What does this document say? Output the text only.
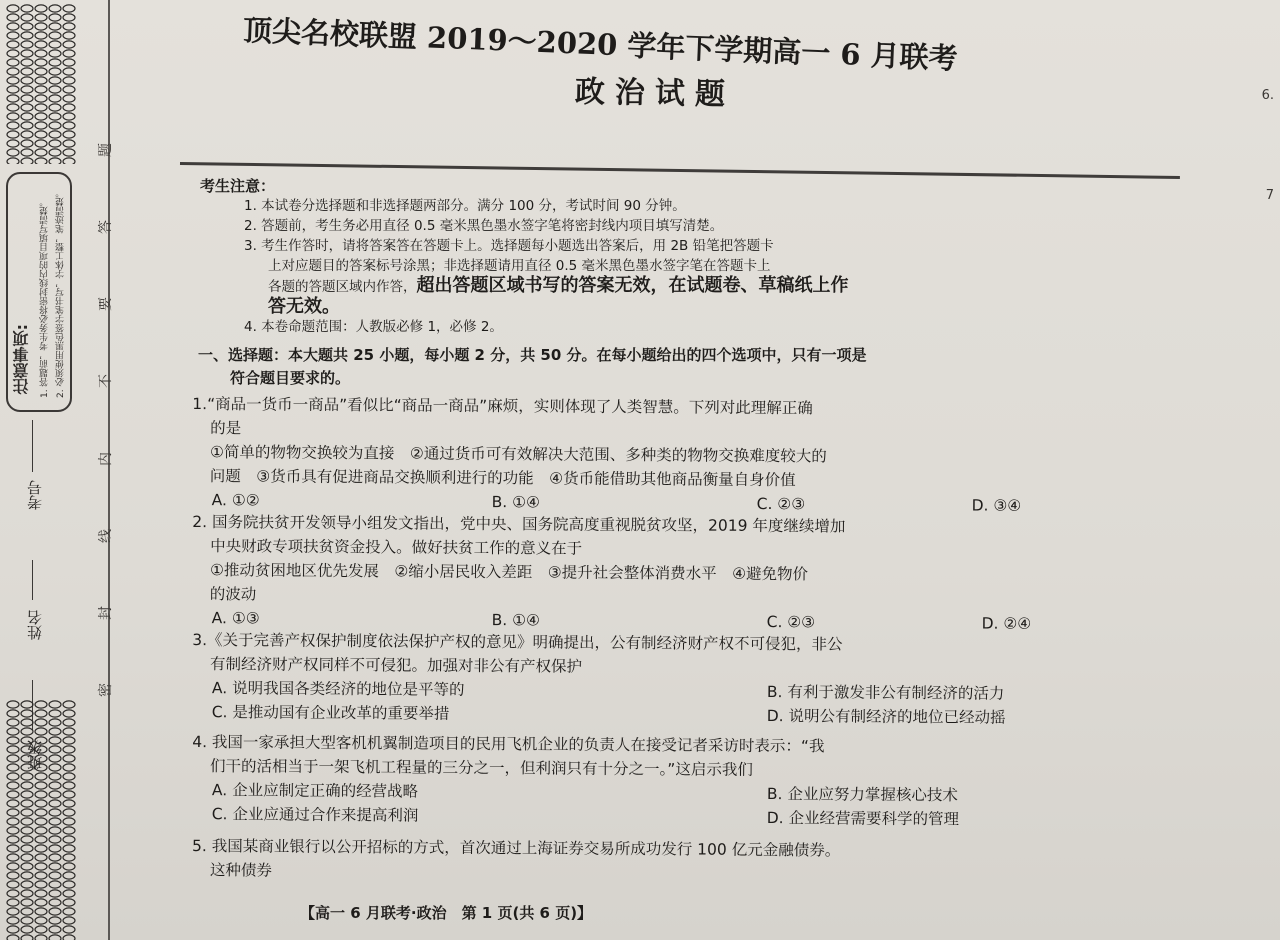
注意事项: 1. 答题前，考生务必将密封线内的项目填写清楚。 2. 必须使用黑色签字笔书写，字体工整，笔迹清楚。
考号
姓名
题
答
要
不
内
线
封
密
顶尖名校联盟 2019～2020 学年下学期高一 6 月联考
政治试题
考生注意：
1. 本试卷分选择题和非选择题两部分。满分 100 分，考试时间 90 分钟。
2. 答题前，考生务必用直径 0.5 毫米黑色墨水签字笔将密封线内项目填写清楚。
3. 考生作答时，请将答案答在答题卡上。选择题每小题选出答案后，用 2B 铅笔把答题卡
上对应题目的答案标号涂黑；非选择题请用直径 0.5 毫米黑色墨水签字笔在答题卡上
各题的答题区域内作答，超出答题区域书写的答案无效，在试题卷、草稿纸上作
答无效。
4. 本卷命题范围：人教版必修 1，必修 2。
一、选择题：本大题共 25 小题，每小题 2 分，共 50 分。在每小题给出的四个选项中，只有一项是
符合题目要求的。
1.“商品一货币一商品”看似比“商品一商品”麻烦，实则体现了人类智慧。下列对此理解正确
的是
①简单的物物交换较为直接　②通过货币可有效解决大范围、多种类的物物交换难度较大的
问题　③货币具有促进商品交换顺利进行的功能　④货币能借助其他商品衡量自身价值
A. ①②	B. ①④	C. ②③	D. ③④
2. 国务院扶贫开发领导小组发文指出，党中央、国务院高度重视脱贫攻坚，2019 年度继续增加
中央财政专项扶贫资金投入。做好扶贫工作的意义在于
①推动贫困地区优先发展　②缩小居民收入差距　③提升社会整体消费水平　④避免物价
的波动
A. ①③	B. ①④	C. ②③	D. ②④
3.《关于完善产权保护制度依法保护产权的意见》明确提出，公有制经济财产权不可侵犯，非公
有制经济财产权同样不可侵犯。加强对非公有产权保护
A. 说明我国各类经济的地位是平等的	B. 有利于激发非公有制经济的活力
C. 是推动国有企业改革的重要举措	D. 说明公有制经济的地位已经动摇
4. 我国一家承担大型客机机翼制造项目的民用飞机企业的负责人在接受记者采访时表示：“我
们干的活相当于一架飞机工程量的三分之一，但利润只有十分之一。”这启示我们
A. 企业应制定正确的经营战略	B. 企业应努力掌握核心技术
C. 企业应通过合作来提高利润	D. 企业经营需要科学的管理
5. 我国某商业银行以公开招标的方式，首次通过上海证券交易所成功发行 100 亿元金融债券。
这种债券
【高一 6 月联考·政治　第 1 页(共 6 页)】
6.
7
